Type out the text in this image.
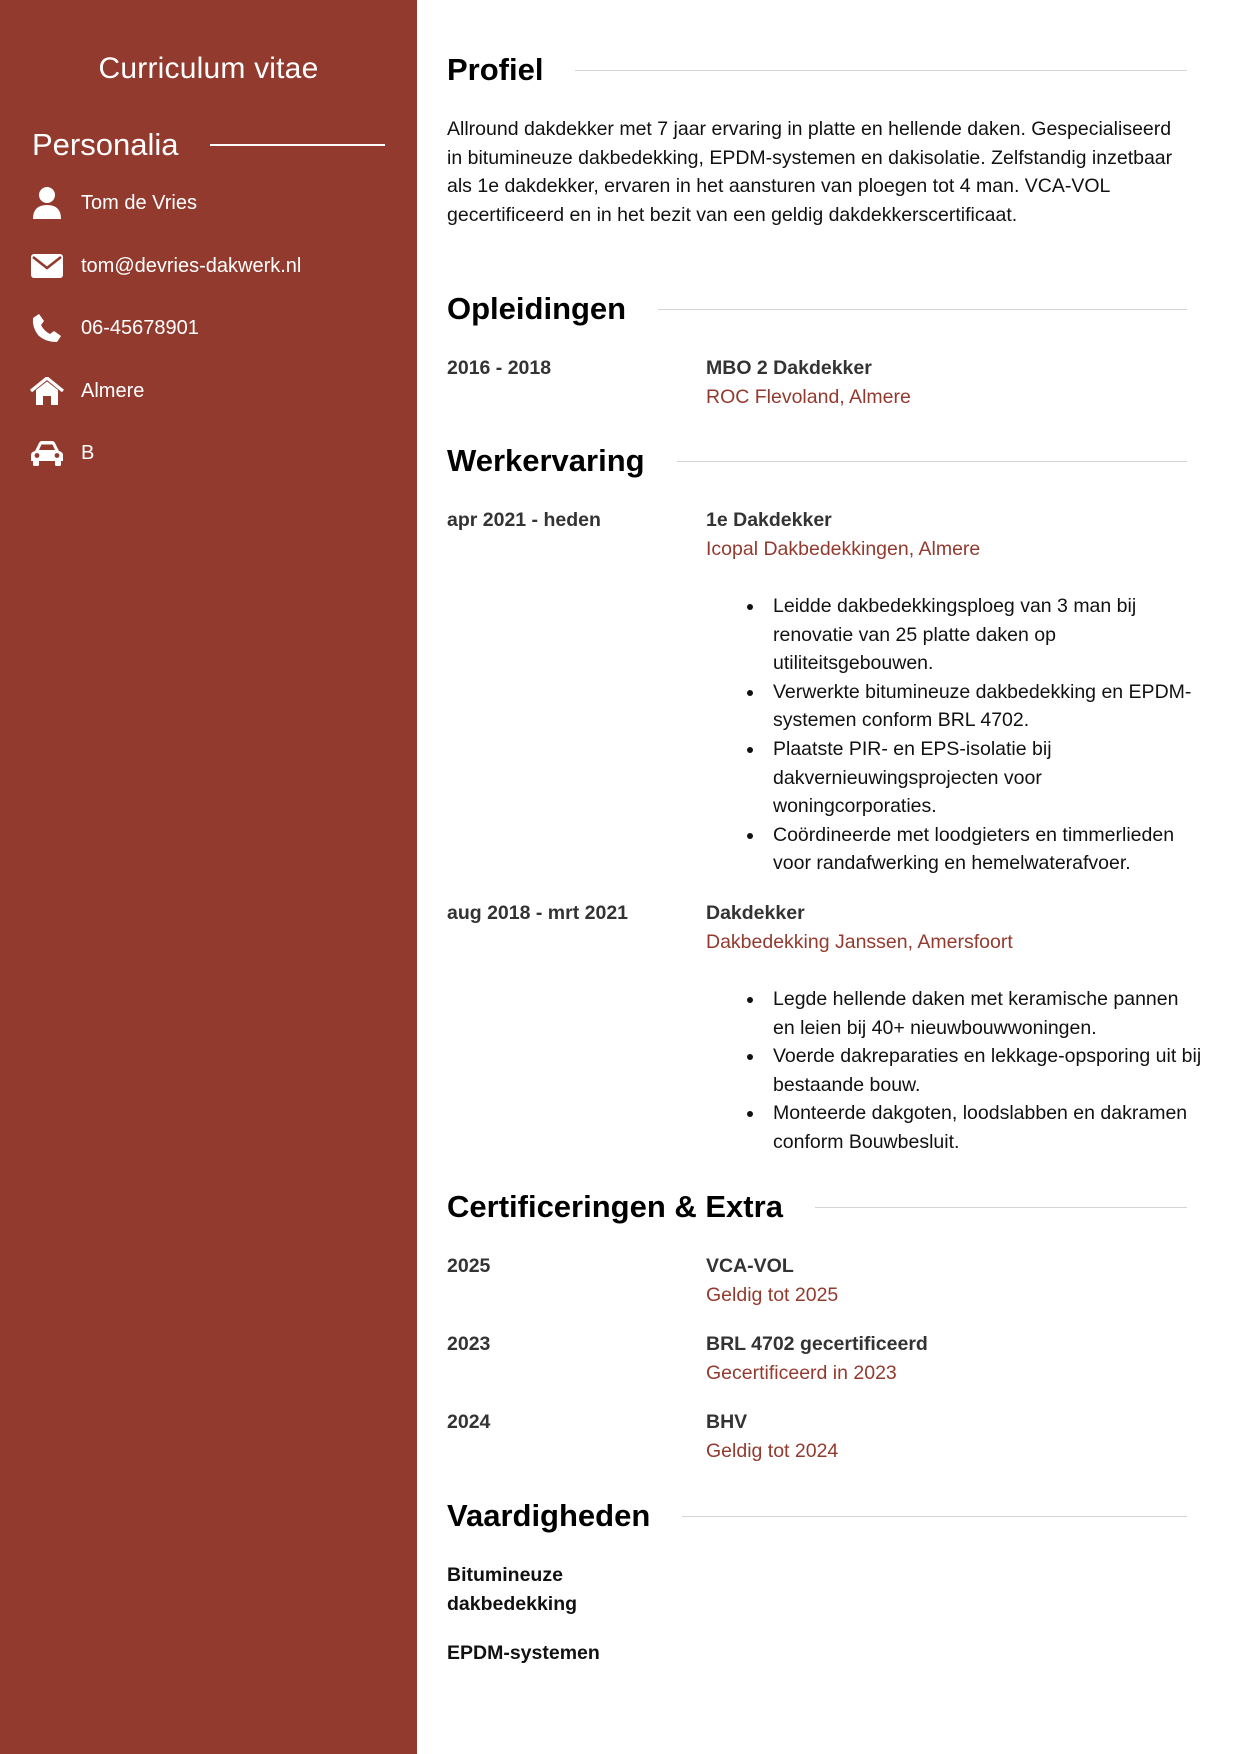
Curriculum vitae
Personalia
Tom de Vries
tom@devries-dakwerk.nl
06-45678901
Almere
B
Profiel

Allround dakdekker met 7 jaar ervaring in platte en hellende daken. Gespecialiseerd in bitumineuze dakbedekking, EPDM-systemen en dakisolatie. Zelfstandig inzetbaar als 1e dakdekker, ervaren in het aansturen van ploegen tot 4 man. VCA-VOL gecertificeerd en in het bezit van een geldig dakdekkerscertificaat.

Opleidingen
2016 - 2018	MBO 2 Dakdekker
ROC Flevoland, Almere
Werkervaring
apr 2021 - heden	1e Dakdekker
Icopal Dakbedekkingen, Almere
• Leidde dakbedekkingsploeg van 3 man bij renovatie van 25 platte daken op utiliteitsgebouwen.
• Verwerkte bitumineuze dakbedekking en EPDM-systemen conform BRL 4702.
• Plaatste PIR- en EPS-isolatie bij dakvernieuwingsprojecten voor woningcorporaties.
• Coördineerde met loodgieters en timmerlieden voor randafwerking en hemelwaterafvoer.
aug 2018 - mrt 2021	Dakdekker
Dakbedekking Janssen, Amersfoort
• Legde hellende daken met keramische pannen en leien bij 40+ nieuwbouwwoningen.
• Voerde dakreparaties en lekkage-opsporing uit bij bestaande bouw.
• Monteerde dakgoten, loodslabben en dakramen conform Bouwbesluit.
Certificeringen & Extra
2025	VCA-VOL
Geldig tot 2025
2023	BRL 4702 gecertificeerd
Gecertificeerd in 2023
2024	BHV
Geldig tot 2024
Vaardigheden
Bitumineuze dakbedekking
EPDM-systemen
